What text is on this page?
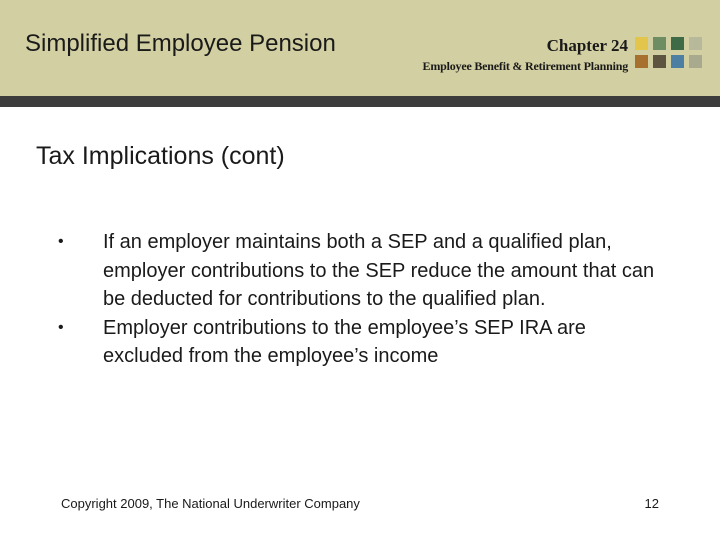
Simplified Employee Pension	Chapter 24
Employee Benefit & Retirement Planning
Tax Implications (cont)
•	If an employer maintains both a SEP and a qualified plan, employer contributions to the SEP reduce the amount that can be deducted for contributions to the qualified plan.
•	Employer contributions to the employee’s SEP IRA are excluded from the employee’s income
Copyright 2009, The National Underwriter Company	12
